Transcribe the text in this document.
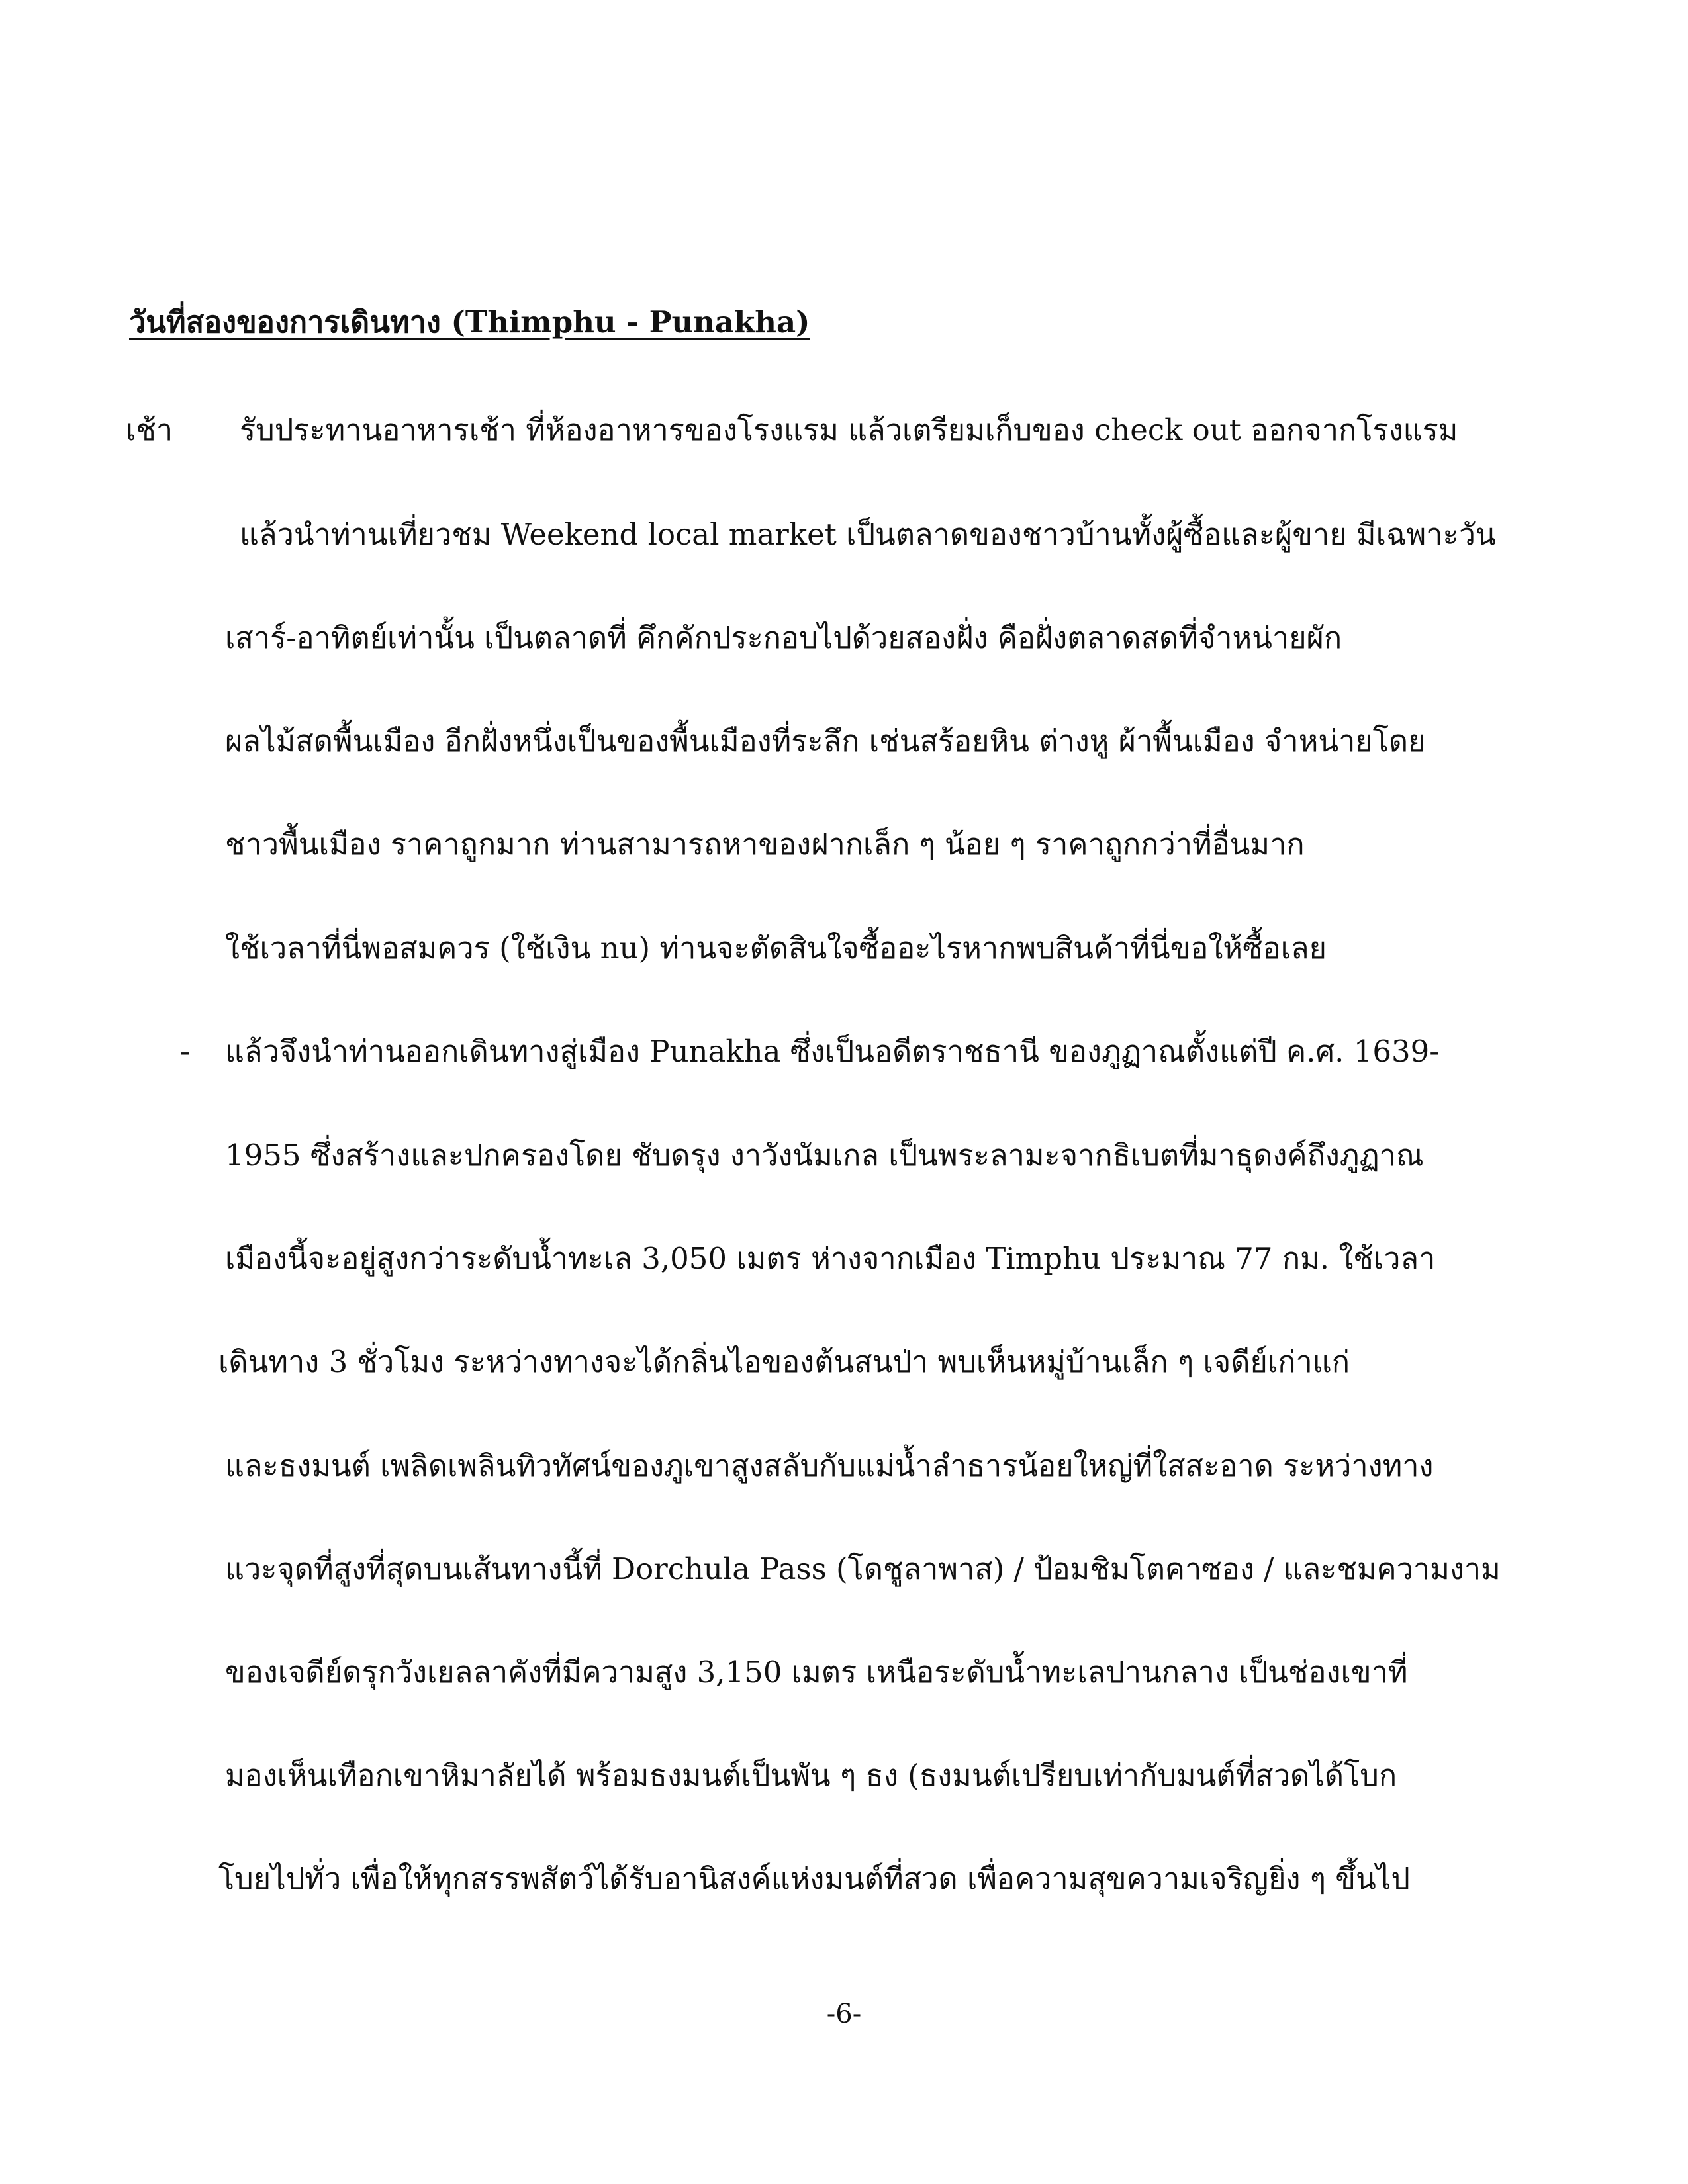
วันที่สองของการเดินทาง (Thimphu - Punakha)
เช้า รับประทานอาหารเช้า ที่ห้องอาหารของโรงแรม แล้วเตรียมเก็บของ check out ออกจากโรงแรม
แล้วนำท่านเที่ยวชม Weekend local market เป็นตลาดของชาวบ้านทั้งผู้ซื้อและผู้ขาย มีเฉพาะวัน
เสาร์-อาทิตย์เท่านั้น เป็นตลาดที่ คึกคักประกอบไปด้วยสองฝั่ง คือฝั่งตลาดสดที่จำหน่ายผัก
ผลไม้สดพื้นเมือง อีกฝั่งหนึ่งเป็นของพื้นเมืองที่ระลึก เช่นสร้อยหิน ต่างหู ผ้าพื้นเมือง จำหน่ายโดย
ชาวพื้นเมือง ราคาถูกมาก ท่านสามารถหาของฝากเล็ก ๆ น้อย ๆ ราคาถูกกว่าที่อื่นมาก
ใช้เวลาที่นี่พอสมควร (ใช้เงิน nu) ท่านจะตัดสินใจซื้ออะไรหากพบสินค้าที่นี่ขอให้ซื้อเลย
- แล้วจึงนำท่านออกเดินทางสู่เมือง Punakha ซึ่งเป็นอดีตราชธานี ของภูฏาณตั้งแต่ปี ค.ศ. 1639-
1955 ซึ่งสร้างและปกครองโดย ชับดรุง งาวังนัมเกล เป็นพระลามะจากธิเบตที่มาธุดงค์ถึงภูฏาณ
เมืองนี้จะอยู่สูงกว่าระดับน้ำทะเล 3,050 เมตร ห่างจากเมือง Timphu ประมาณ 77 กม. ใช้เวลา
เดินทาง 3 ชั่วโมง ระหว่างทางจะได้กลิ่นไอของต้นสนป่า พบเห็นหมู่บ้านเล็ก ๆ เจดีย์เก่าแก่
และธงมนต์ เพลิดเพลินทิวทัศน์ของภูเขาสูงสลับกับแม่น้ำลำธารน้อยใหญ่ที่ใสสะอาด ระหว่างทาง
แวะจุดที่สูงที่สุดบนเส้นทางนี้ที่ Dorchula Pass (โดชูลาพาส) / ป้อมชิมโตคาซอง / และชมความงาม
ของเจดีย์ดรุกวังเยลลาคังที่มีความสูง 3,150 เมตร เหนือระดับน้ำทะเลปานกลาง เป็นช่องเขาที่
มองเห็นเทือกเขาหิมาลัยได้ พร้อมธงมนต์เป็นพัน ๆ ธง (ธงมนต์เปรียบเท่ากับมนต์ที่สวดได้โบก
โบยไปทั่ว เพื่อให้ทุกสรรพสัตว์ได้รับอานิสงค์แห่งมนต์ที่สวด เพื่อความสุขความเจริญยิ่ง ๆ ขึ้นไป
-6-
